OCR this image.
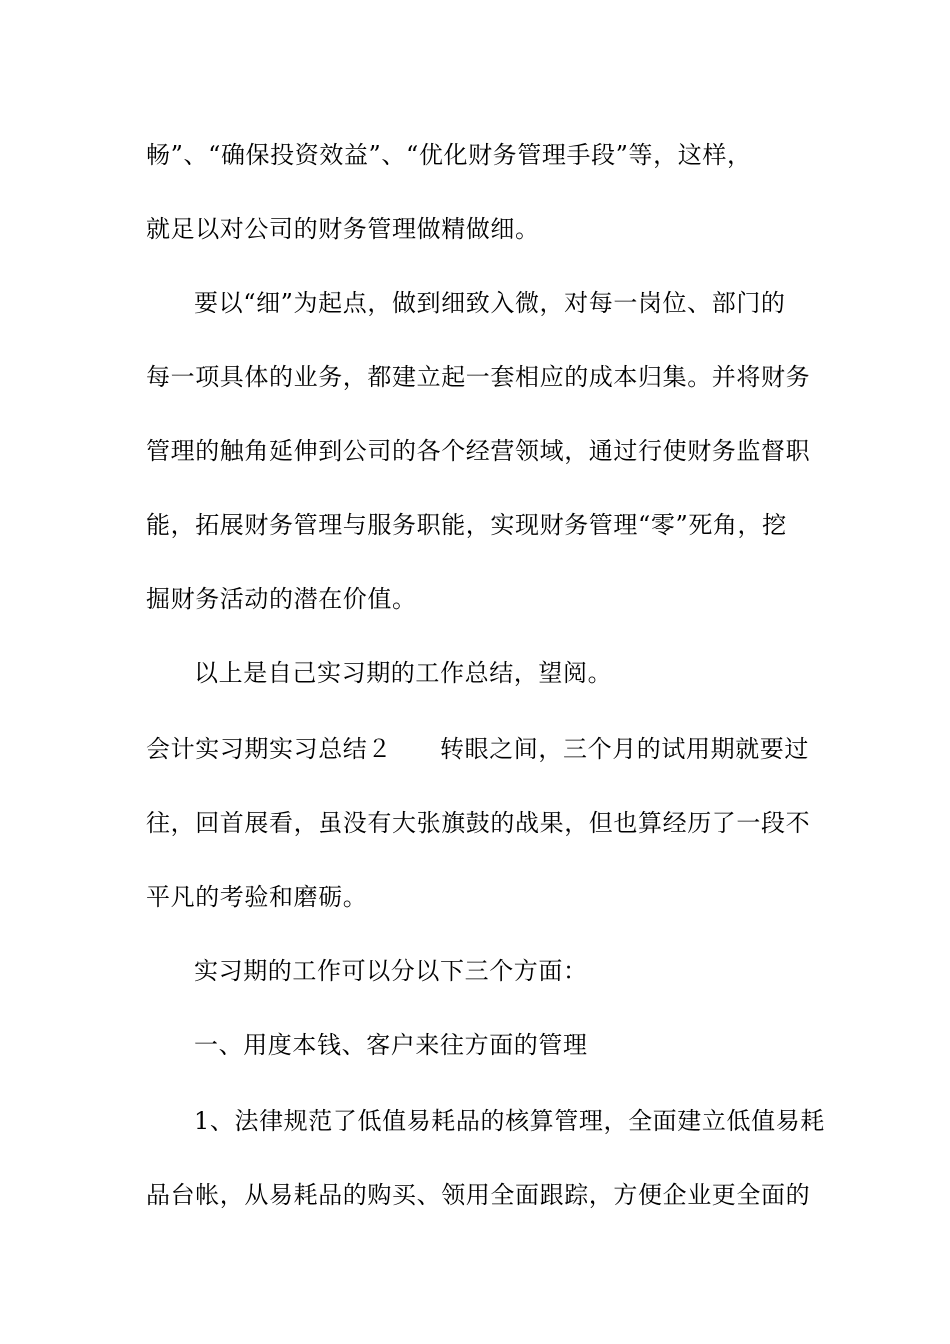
畅”、“确保投资效益”、“优化财务管理手段”等，这样，
就足以对公司的财务管理做精做细。
要以“细”为起点，做到细致入微，对每一岗位、部门的
每一项具体的业务，都建立起一套相应的成本归集。并将财务
管理的触角延伸到公司的各个经营领域，通过行使财务监督职
能，拓展财务管理与服务职能，实现财务管理“零”死角，挖
掘财务活动的潜在价值。
以上是自己实习期的工作总结，望阅。
会计实习期实习总结２ 转眼之间，三个月的试用期就要过
往，回首展看，虽没有大张旗鼓的战果，但也算经历了一段不
平凡的考验和磨砺。
实习期的工作可以分以下三个方面：
一、用度本钱、客户来往方面的管理
1、法律规范了低值易耗品的核算管理，全面建立低值易耗
品台帐，从易耗品的购买、领用全面跟踪，方便企业更全面的
